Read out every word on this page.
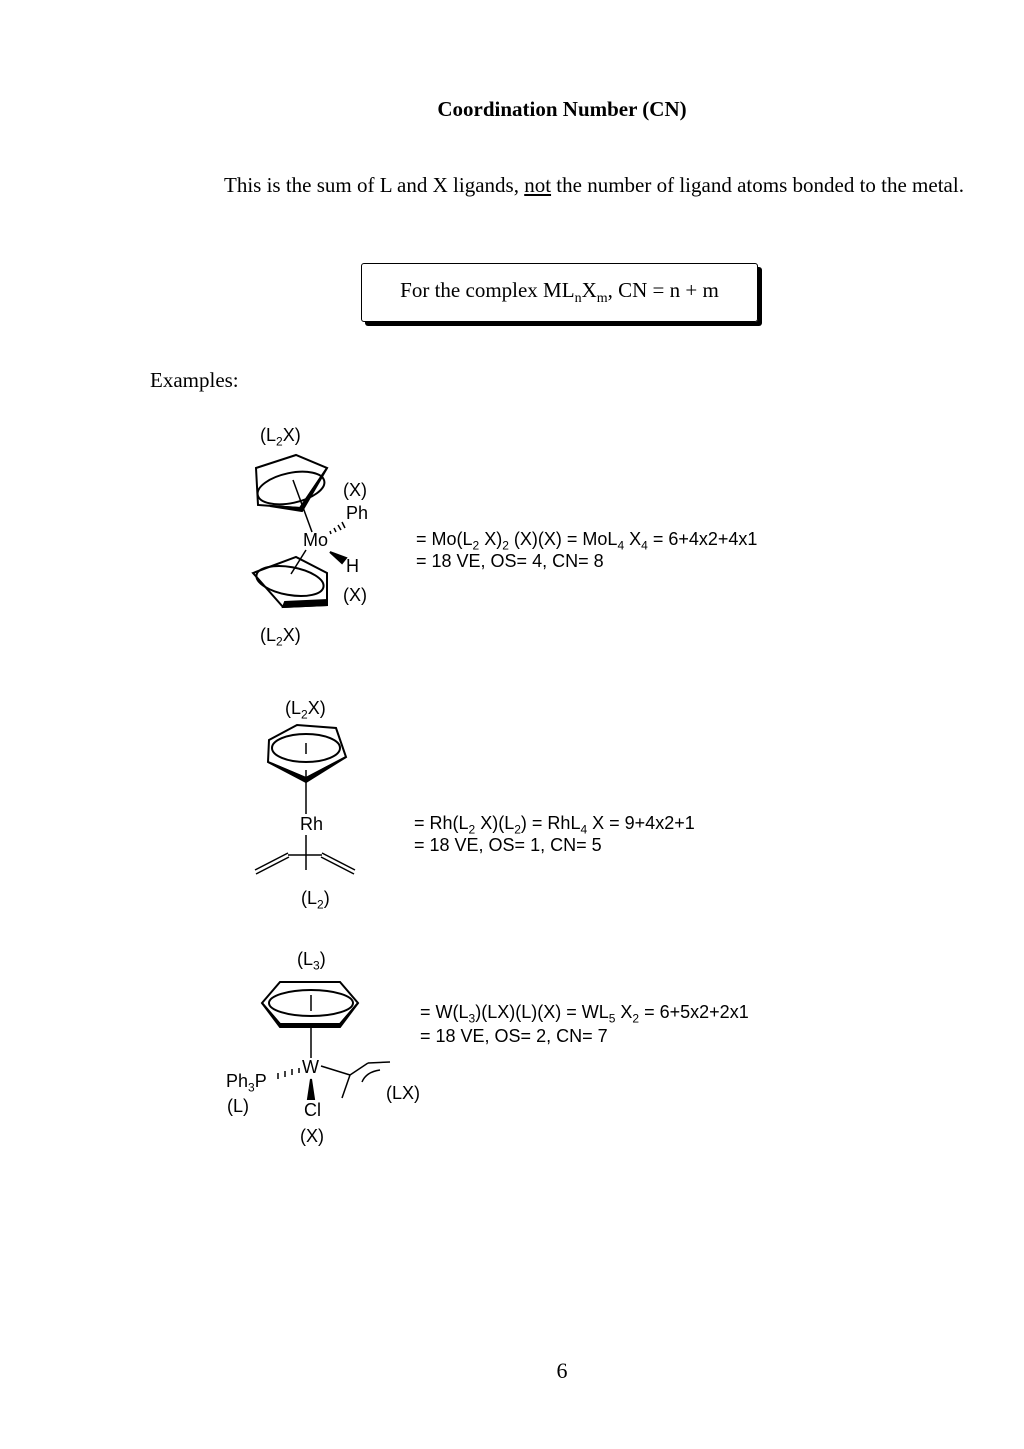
Coordination Number (CN)
This is the sum of L and X ligands, not the number of ligand atoms bonded to the metal.
For the complex $ML_nX_m$, CN = n + m
Examples:
$(L_2X)$
(X)
Ph
Mo
H
(X)
$(L_2X)$
= $Mo(L_2$ $X)_2$ (X)(X) = MoL$_4$ $X_4 = 6+4x2+4x1$
= 18 VE, OS= 4, CN= 8
$(L_2X)$
Rh
$(L_2)$
= $Rh(L_2$ $X)(L_2) = RhL_4$ X = 9+4x2+1
= 18 VE, OS= 1, CN= 5
$(L_3)$
W
$Ph_3P$
(L)	Cl
(X)
(LX)
= $W(L_3)(LX)(L)(X) = WL_5$ $X_2 = 6+5x2+2x1$
= 18 VE, OS= 2, CN= 7
6
